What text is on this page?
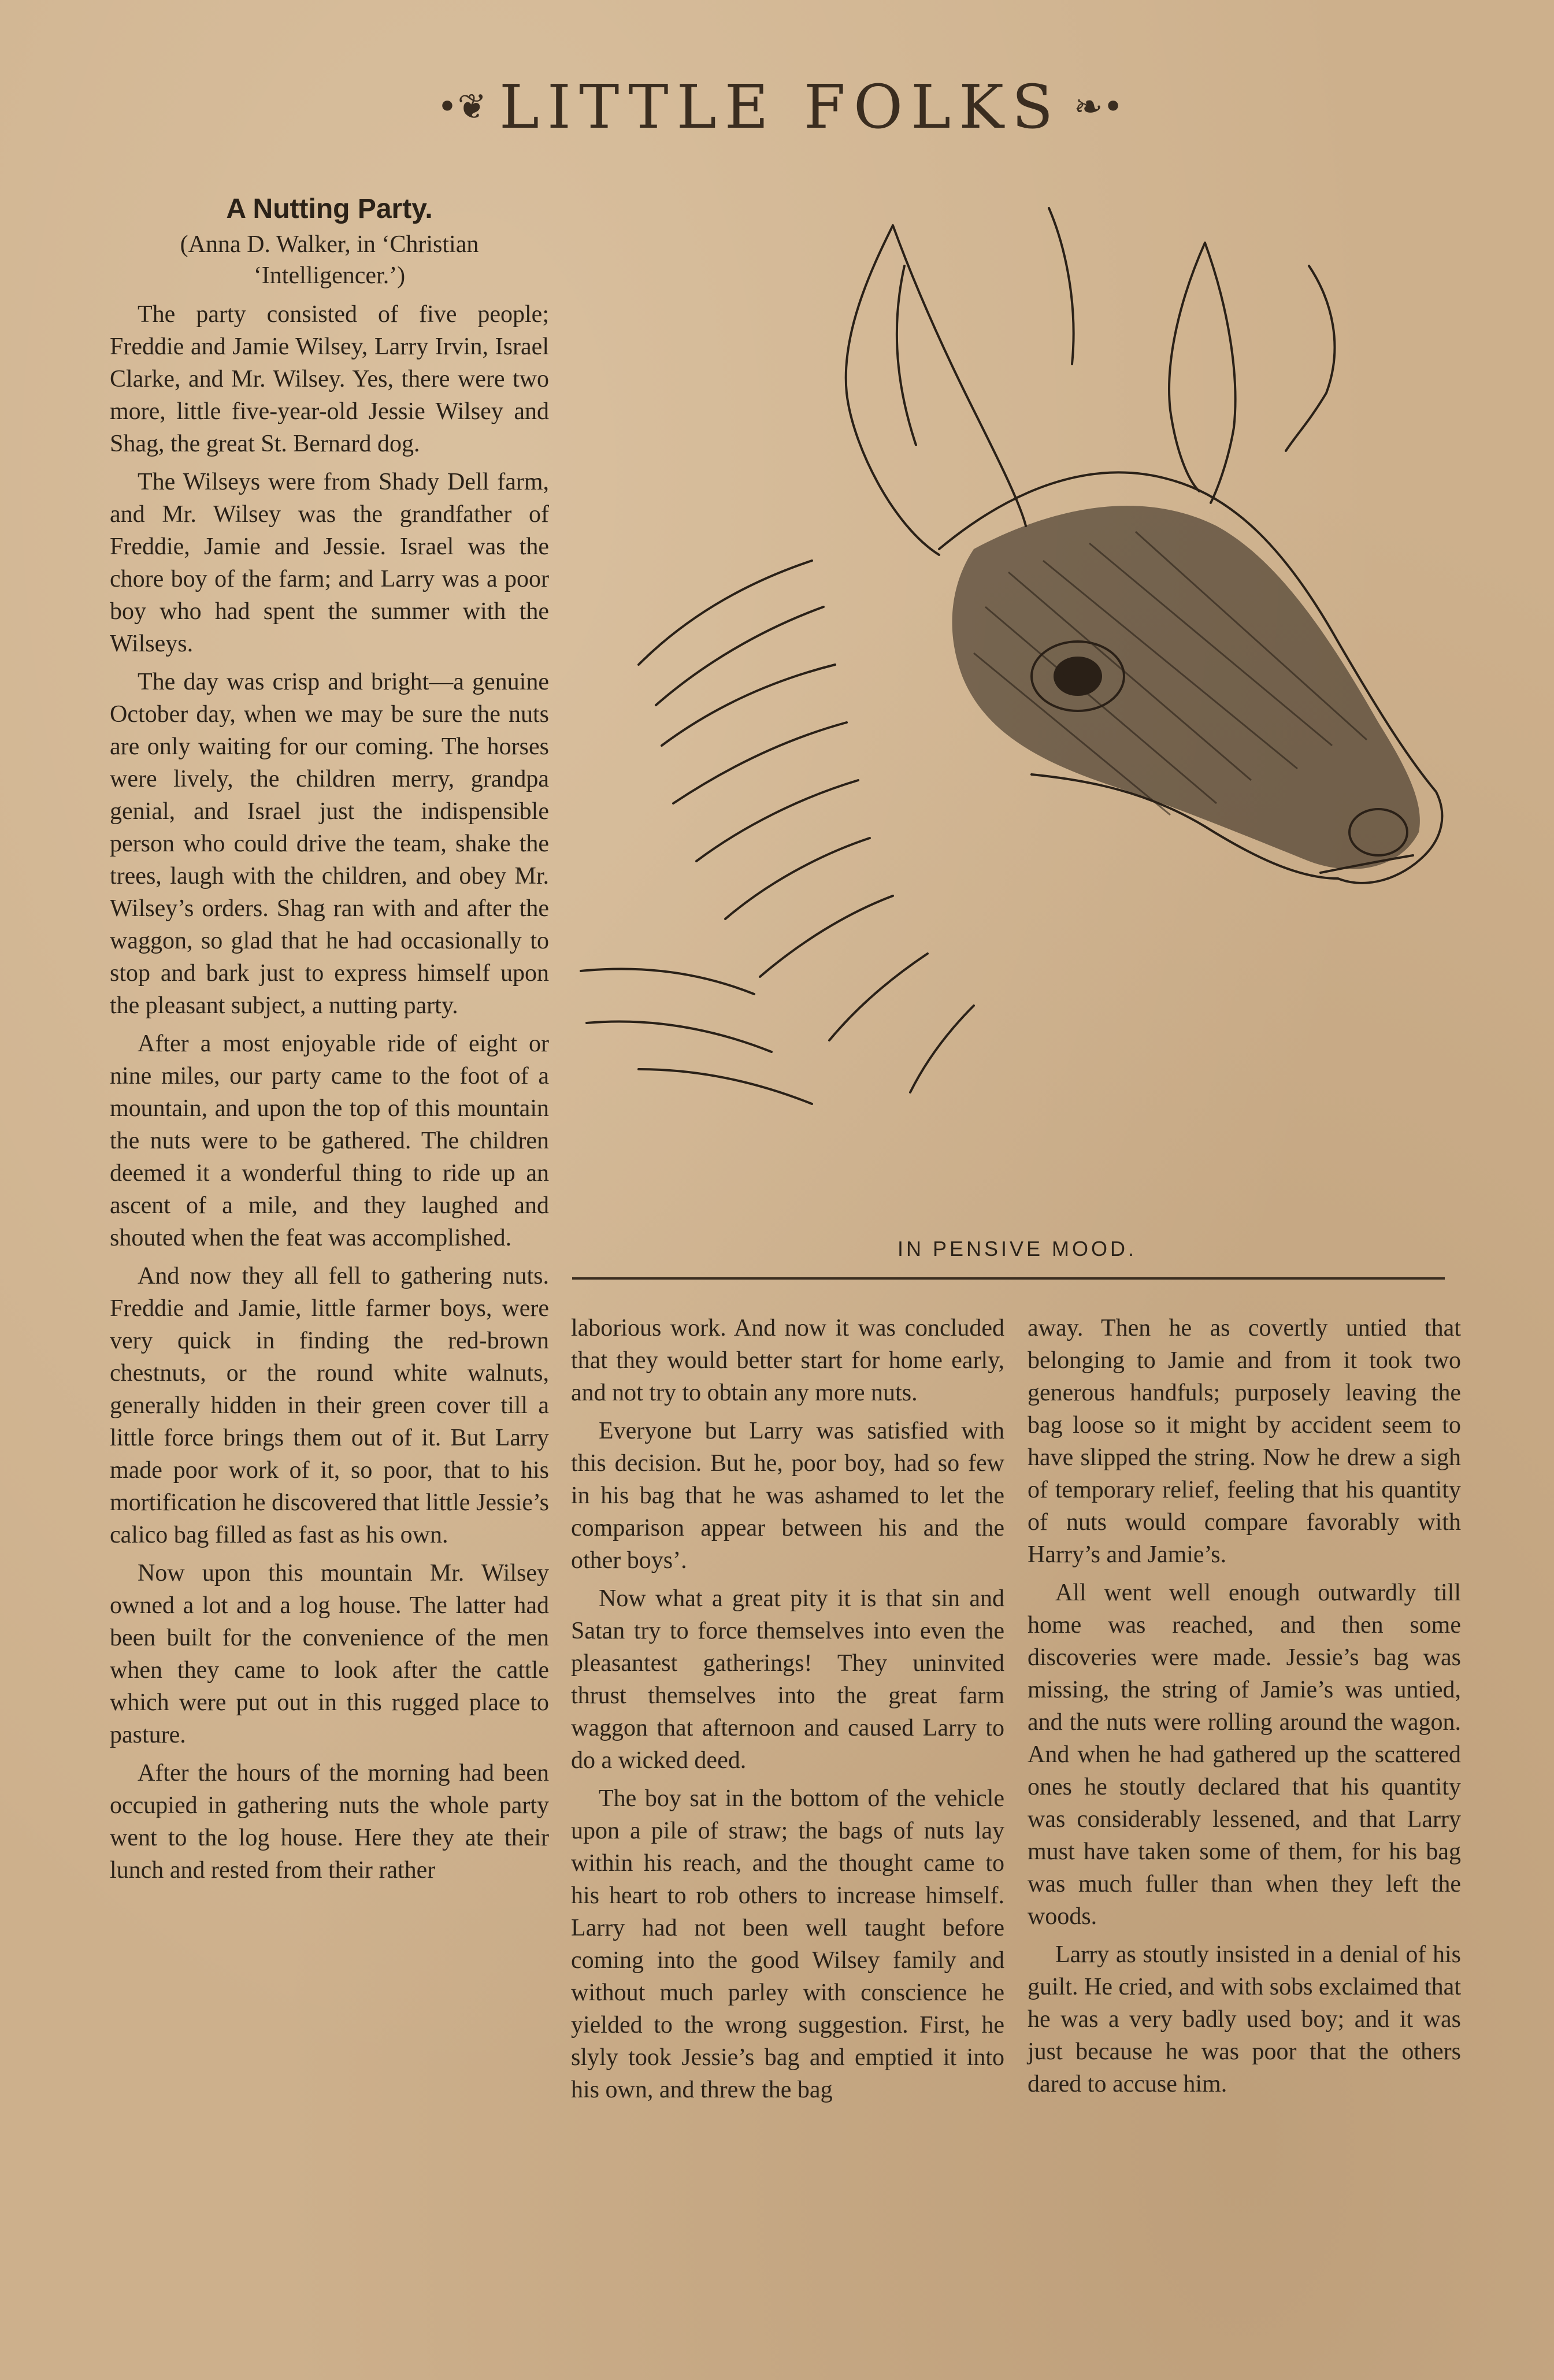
•❦ LITTLE FOLKS ❧•
A Nutting Party.
(Anna D. Walker, in ‘Christian ‘Intelligencer.’)

The party consisted of five people; Freddie and Jamie Wilsey, Larry Irvin, Israel Clarke, and Mr. Wilsey. Yes, there were two more, little five-year-old Jessie Wilsey and Shag, the great St. Bernard dog.

The Wilseys were from Shady Dell farm, and Mr. Wilsey was the grandfather of Freddie, Jamie and Jessie. Israel was the chore boy of the farm; and Larry was a poor boy who had spent the summer with the Wilseys.

The day was crisp and bright—a genuine October day, when we may be sure the nuts are only waiting for our coming. The horses were lively, the children merry, grandpa genial, and Israel just the indispensible person who could drive the team, shake the trees, laugh with the children, and obey Mr. Wilsey’s orders. Shag ran with and after the waggon, so glad that he had occasionally to stop and bark just to express himself upon the pleasant subject, a nutting party.

After a most enjoyable ride of eight or nine miles, our party came to the foot of a mountain, and upon the top of this mountain the nuts were to be gathered. The children deemed it a wonderful thing to ride up an ascent of a mile, and they laughed and shouted when the feat was accomplished.

And now they all fell to gathering nuts. Freddie and Jamie, little farmer boys, were very quick in finding the red-brown chestnuts, or the round white walnuts, generally hidden in their green cover till a little force brings them out of it. But Larry made poor work of it, so poor, that to his mortification he discovered that little Jessie’s calico bag filled as fast as his own.

Now upon this mountain Mr. Wilsey owned a lot and a log house. The latter had been built for the convenience of the men when they came to look after the cattle which were put out in this rugged place to pasture.

After the hours of the morning had been occupied in gathering nuts the whole party went to the log house. Here they ate their lunch and rested from their rather

IN PENSIVE MOOD.

laborious work. And now it was concluded that they would better start for home early, and not try to obtain any more nuts.

Everyone but Larry was satisfied with this decision. But he, poor boy, had so few in his bag that he was ashamed to let the comparison appear between his and the other boys’.

Now what a great pity it is that sin and Satan try to force themselves into even the pleasantest gatherings! They uninvited thrust themselves into the great farm waggon that afternoon and caused Larry to do a wicked deed.

The boy sat in the bottom of the vehicle upon a pile of straw; the bags of nuts lay within his reach, and the thought came to his heart to rob others to increase himself. Larry had not been well taught before coming into the good Wilsey family and without much parley with conscience he yielded to the wrong suggestion. First, he slyly took Jessie’s bag and emptied it into his own, and threw the bag

away. Then he as covertly untied that belonging to Jamie and from it took two generous handfuls; purposely leaving the bag loose so it might by accident seem to have slipped the string. Now he drew a sigh of temporary relief, feeling that his quantity of nuts would compare favorably with Harry’s and Jamie’s.

All went well enough outwardly till home was reached, and then some discoveries were made. Jessie’s bag was missing, the string of Jamie’s was untied, and the nuts were rolling around the wagon. And when he had gathered up the scattered ones he stoutly declared that his quantity was considerably lessened, and that Larry must have taken some of them, for his bag was much fuller than when they left the woods.

Larry as stoutly insisted in a denial of his guilt. He cried, and with sobs exclaimed that he was a very badly used boy; and it was just because he was poor that the others dared to accuse him.
